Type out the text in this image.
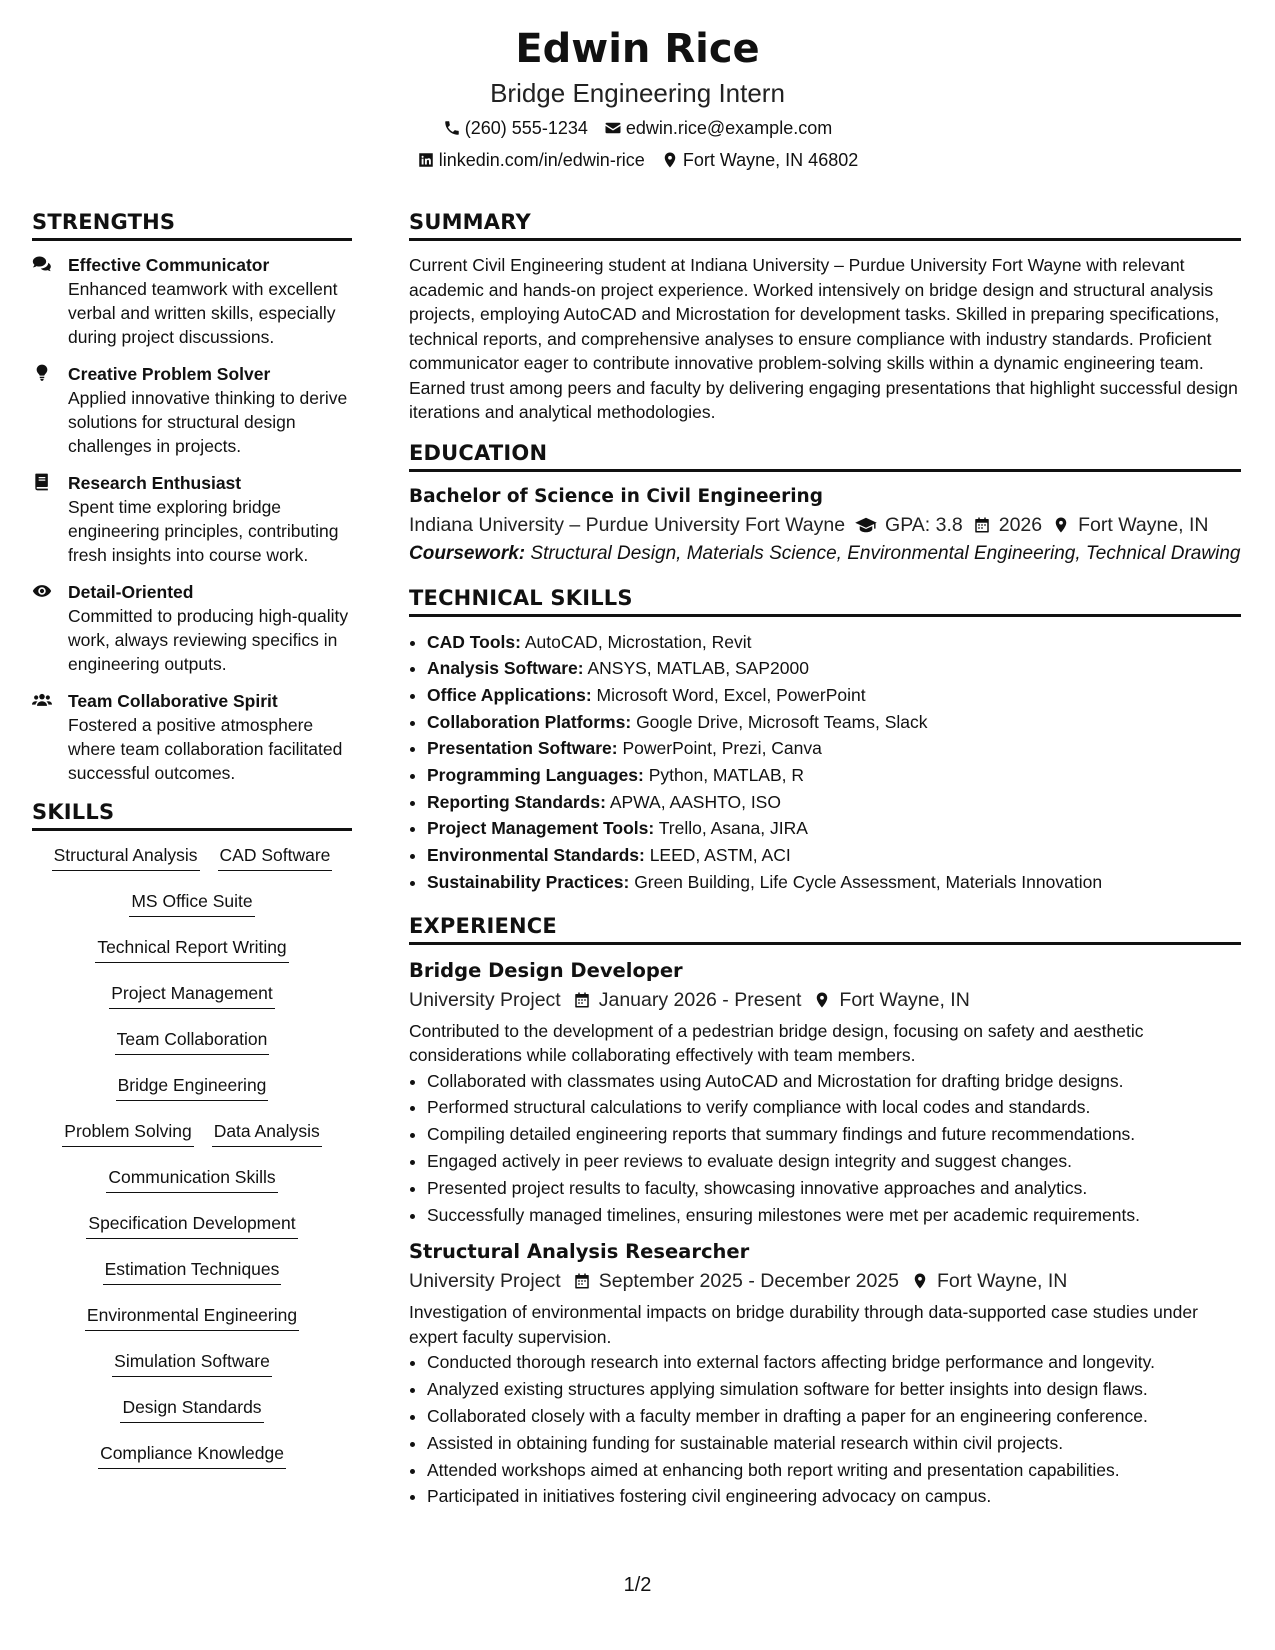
Edwin Rice
Bridge Engineering Intern
(260) 555-1234 edwin.rice@example.com
linkedin.com/in/edwin-rice Fort Wayne, IN 46802
STRENGTHS
Effective Communicator
Enhanced teamwork with excellent verbal and written skills, especially during project discussions.
Creative Problem Solver
Applied innovative thinking to derive solutions for structural design challenges in projects.
Research Enthusiast
Spent time exploring bridge engineering principles, contributing fresh insights into course work.
Detail-Oriented
Committed to producing high-quality work, always reviewing specifics in engineering outputs.
Team Collaborative Spirit
Fostered a positive atmosphere where team collaboration facilitated successful outcomes.
SKILLS
Structural Analysis CAD Software
MS Office Suite
Technical Report Writing
Project Management
Team Collaboration
Bridge Engineering
Problem Solving Data Analysis
Communication Skills
Specification Development
Estimation Techniques
Environmental Engineering
Simulation Software
Design Standards
Compliance Knowledge
SUMMARY
Current Civil Engineering student at Indiana University – Purdue University Fort Wayne with relevant academic and hands-on project experience. Worked intensively on bridge design and structural analysis projects, employing AutoCAD and Microstation for development tasks. Skilled in preparing specifications, technical reports, and comprehensive analyses to ensure compliance with industry standards. Proficient communicator eager to contribute innovative problem-solving skills within a dynamic engineering team. Earned trust among peers and faculty by delivering engaging presentations that highlight successful design iterations and analytical methodologies.
EDUCATION
Bachelor of Science in Civil Engineering
Indiana University – Purdue University Fort Wayne GPA: 3.8 2026 Fort Wayne, IN
Coursework: Structural Design, Materials Science, Environmental Engineering, Technical Drawing
TECHNICAL SKILLS
• CAD Tools: AutoCAD, Microstation, Revit
• Analysis Software: ANSYS, MATLAB, SAP2000
• Office Applications: Microsoft Word, Excel, PowerPoint
• Collaboration Platforms: Google Drive, Microsoft Teams, Slack
• Presentation Software: PowerPoint, Prezi, Canva
• Programming Languages: Python, MATLAB, R
• Reporting Standards: APWA, AASHTO, ISO
• Project Management Tools: Trello, Asana, JIRA
• Environmental Standards: LEED, ASTM, ACI
• Sustainability Practices: Green Building, Life Cycle Assessment, Materials Innovation
EXPERIENCE
Bridge Design Developer
University Project January 2026 - Present Fort Wayne, IN
Contributed to the development of a pedestrian bridge design, focusing on safety and aesthetic considerations while collaborating effectively with team members.
• Collaborated with classmates using AutoCAD and Microstation for drafting bridge designs.
• Performed structural calculations to verify compliance with local codes and standards.
• Compiling detailed engineering reports that summary findings and future recommendations.
• Engaged actively in peer reviews to evaluate design integrity and suggest changes.
• Presented project results to faculty, showcasing innovative approaches and analytics.
• Successfully managed timelines, ensuring milestones were met per academic requirements.
Structural Analysis Researcher
University Project September 2025 - December 2025 Fort Wayne, IN
Investigation of environmental impacts on bridge durability through data-supported case studies under expert faculty supervision.
• Conducted thorough research into external factors affecting bridge performance and longevity.
• Analyzed existing structures applying simulation software for better insights into design flaws.
• Collaborated closely with a faculty member in drafting a paper for an engineering conference.
• Assisted in obtaining funding for sustainable material research within civil projects.
• Attended workshops aimed at enhancing both report writing and presentation capabilities.
• Participated in initiatives fostering civil engineering advocacy on campus.
1/2
